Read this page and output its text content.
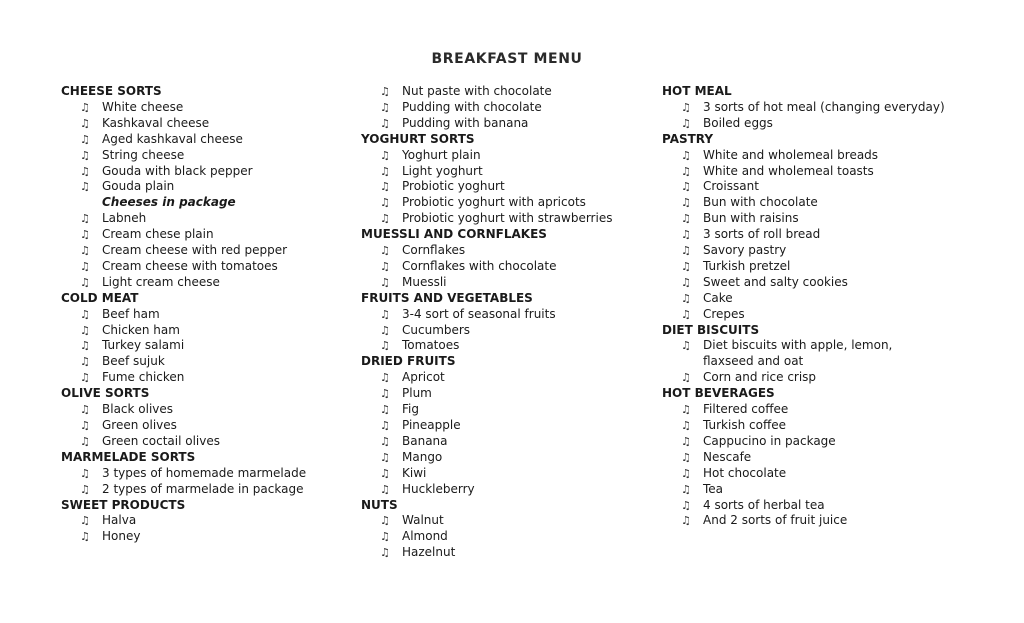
BREAKFAST MENU
CHEESE SORTS
♫	White cheese
♫	Kashkaval cheese
♫	Aged kashkaval cheese
♫	String cheese
♫	Gouda with black pepper
♫	Gouda plain
Cheeses in package
♫	Labneh
♫	Cream chese plain
♫	Cream cheese with red pepper
♫	Cream cheese with tomatoes
♫	Light cream cheese
COLD MEAT
♫	Beef ham
♫	Chicken ham
♫	Turkey salami
♫	Beef sujuk
♫	Fume chicken
OLIVE SORTS
♫	Black olives
♫	Green olives
♫	Green coctail olives
MARMELADE SORTS
♫	3 types of homemade marmelade
♫	2 types of marmelade in package
SWEET PRODUCTS
♫	Halva
♫	Honey
♫	Nut paste with chocolate
♫	Pudding with chocolate
♫	Pudding with banana
YOGHURT SORTS
♫	Yoghurt plain
♫	Light yoghurt
♫	Probiotic yoghurt
♫	Probiotic yoghurt with apricots
♫	Probiotic yoghurt with strawberries
MUESSLI AND CORNFLAKES
♫	Cornflakes
♫	Cornflakes with chocolate
♫	Muessli
FRUITS AND VEGETABLES
♫	3-4 sort of seasonal fruits
♫	Cucumbers
♫	Tomatoes
DRIED FRUITS
♫	Apricot
♫	Plum
♫	Fig
♫	Pineapple
♫	Banana
♫	Mango
♫	Kiwi
♫	Huckleberry
NUTS
♫	Walnut
♫	Almond
♫	Hazelnut
HOT MEAL
♫	3 sorts of hot meal (changing everyday)
♫	Boiled eggs
PASTRY
♫	White and wholemeal breads
♫	White and wholemeal toasts
♫	Croissant
♫	Bun with chocolate
♫	Bun with raisins
♫	3 sorts of roll bread
♫	Savory pastry
♫	Turkish pretzel
♫	Sweet and salty cookies
♫	Cake
♫	Crepes
DIET BISCUITS
♫	Diet biscuits with apple, lemon, flaxseed and oat
♫	Corn and rice crisp
HOT BEVERAGES
♫	Filtered coffee
♫	Turkish coffee
♫	Cappucino in package
♫	Nescafe
♫	Hot chocolate
♫	Tea
♫	4 sorts of herbal tea
♫	And 2 sorts of fruit juice
